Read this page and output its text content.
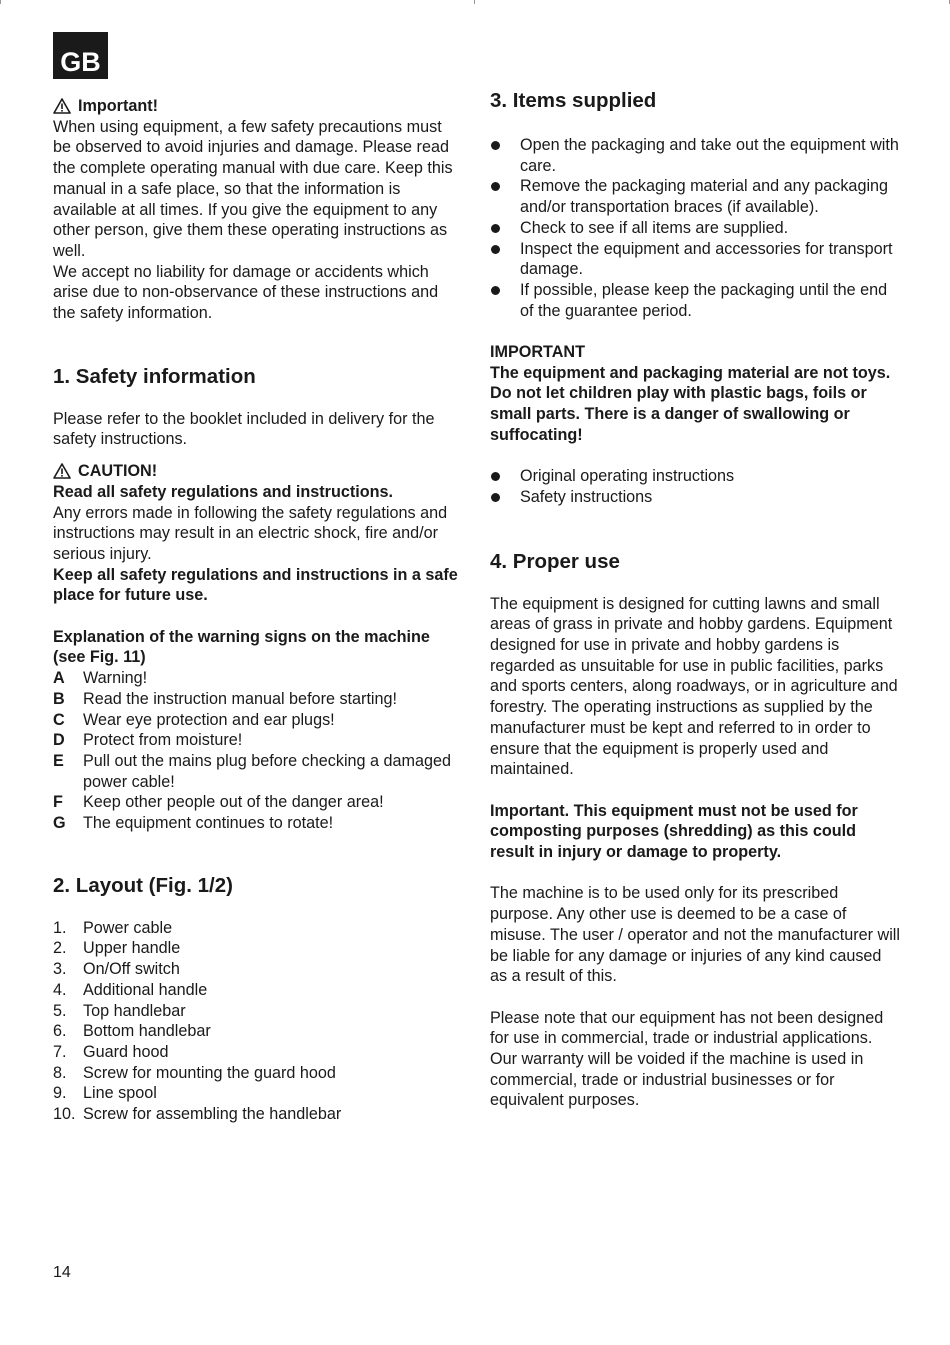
GB
Important!

When using equipment, a few safety precautions must be observed to avoid injuries and damage. Please read the complete operating manual with due care. Keep this manual in a safe place, so that the information is available at all times. If you give the equipment to any other person, give them these operating instructions as well.

We accept no liability for damage or accidents which arise due to non-observance of these instructions and the safety information.

1. Safety information

Please refer to the booklet included in delivery for the safety instructions.

CAUTION!

Read all safety regulations and instructions.

Any errors made in following the safety regulations and instructions may result in an electric shock, fire and/or serious injury.

Keep all safety regulations and instructions in a safe place for future use.

Explanation of the warning signs on the machine (see Fig. 11)

A	Warning!
B	Read the instruction manual before starting!
C	Wear eye protection and ear plugs!
D	Protect from moisture!
E	Pull out the mains plug before checking a damaged power cable!
F	Keep other people out of the danger area!
G	The equipment continues to rotate!
2. Layout (Fig. 1/2)
1.	Power cable
2.	Upper handle
3.	On/Off switch
4.	Additional handle
5.	Top handlebar
6.	Bottom handlebar
7.	Guard hood
8.	Screw for mounting the guard hood
9.	Line spool
10. Screw for assembling the handlebar
3. Items supplied
Open the packaging and take out the equipment with care.
Remove the packaging material and any packaging and/or transportation braces (if available).
Check to see if all items are supplied.
Inspect the equipment and accessories for transport damage.
If possible, please keep the packaging until the end of the guarantee period.

IMPORTANT

The equipment and packaging material are not toys. Do not let children play with plastic bags, foils or small parts. There is a danger of swallowing or suffocating!

Original operating instructions
Safety instructions
4. Proper use

The equipment is designed for cutting lawns and small areas of grass in private and hobby gardens. Equipment designed for use in private and hobby gardens is regarded as unsuitable for use in public facilities, parks and sports centers, along roadways, or in agriculture and forestry. The operating instructions as supplied by the manufacturer must be kept and referred to in order to ensure that the equipment is properly used and maintained.

Important. This equipment must not be used for composting purposes (shredding) as this could result in injury or damage to property.

The machine is to be used only for its prescribed purpose. Any other use is deemed to be a case of misuse. The user / operator and not the manufacturer will be liable for any damage or injuries of any kind caused as a result of this.

Please note that our equipment has not been designed for use in commercial, trade or industrial applications. Our warranty will be voided if the machine is used in commercial, trade or industrial businesses or for equivalent purposes.

14
